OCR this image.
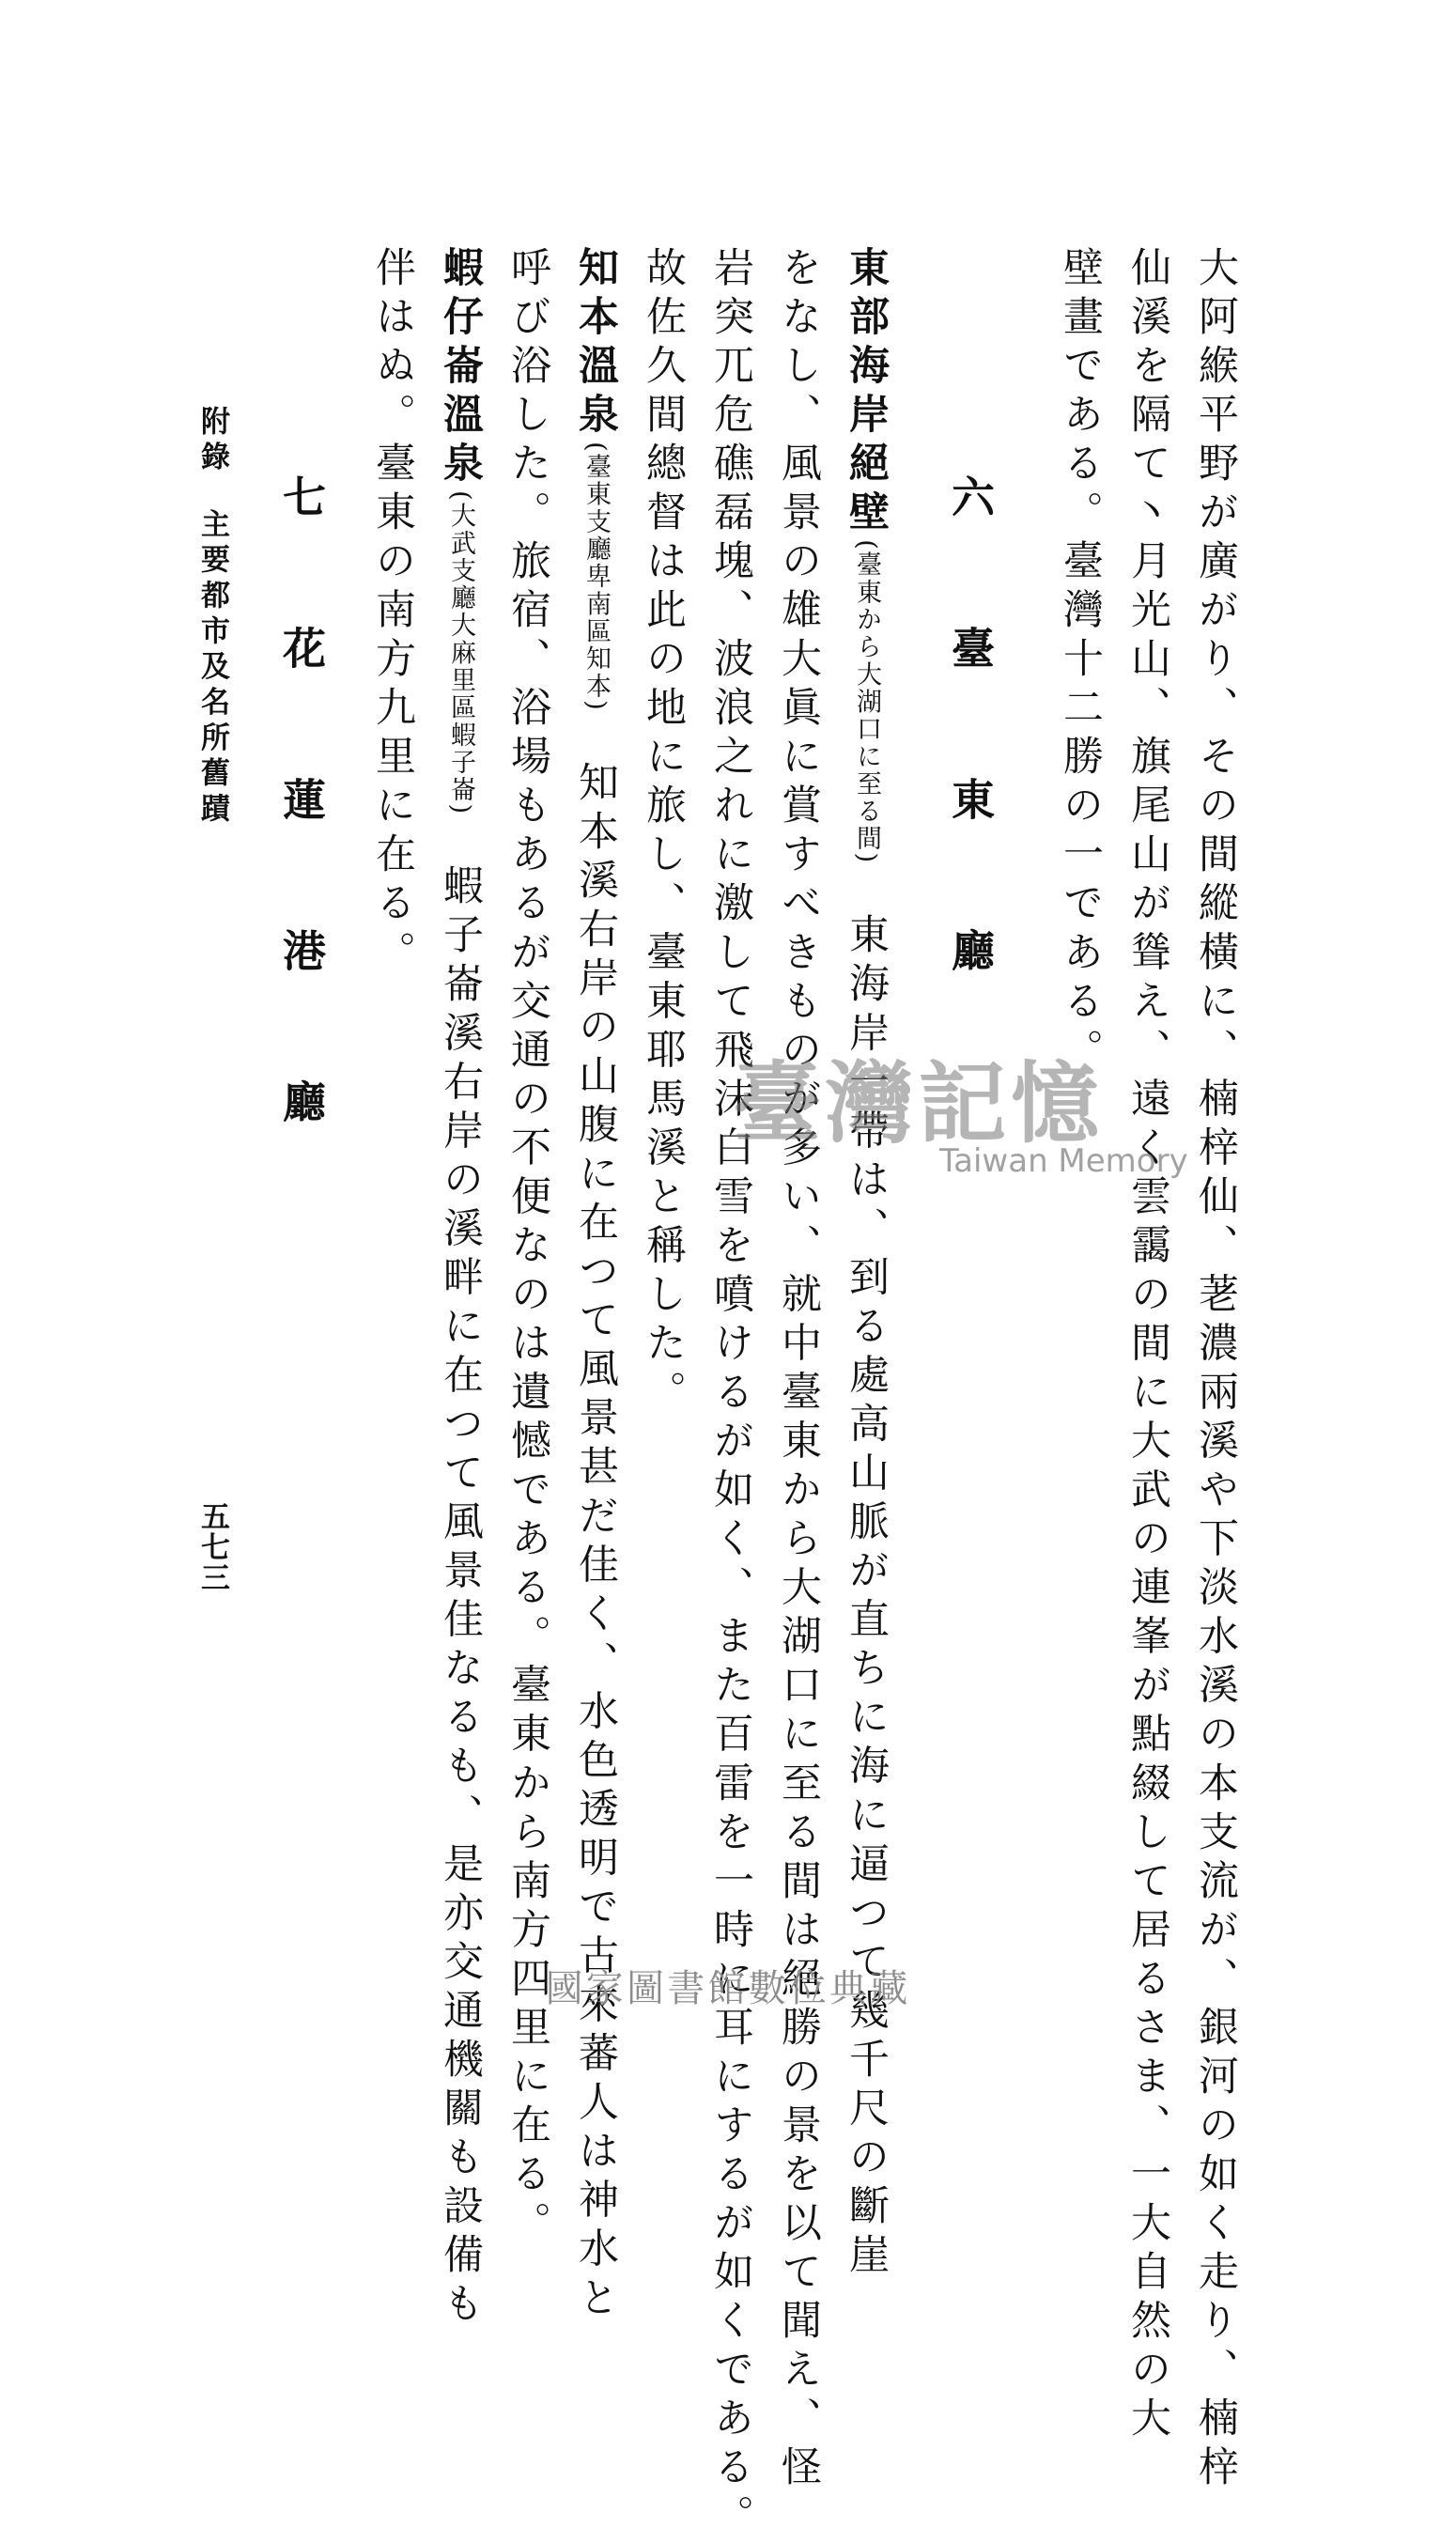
大阿緱平野が廣がり、その間縱橫に、楠梓仙、荖濃兩溪や下淡水溪の本支流が、銀河の如く走り、楠梓
仙溪を隔て丶月光山、旗尾山が聳え、遠く雲靄の間に大武の連峯が點綴して居るさま、一大自然の大
壁畫である。臺灣十二勝の一である。
六　臺　東　廳
東部海岸絕壁(臺東から大湖口に至る間)　東海岸一帶は、到る處高山脈が直ちに海に逼つて幾千尺の斷崖
をなし、風景の雄大眞に賞すべきものが多い、就中臺東から大湖口に至る間は絕勝の景を以て聞え、怪
岩突兀危礁磊塊、波浪之れに激して飛沫白雪を噴けるが如く、また百雷を一時に耳にするが如くである。
故佐久間總督は此の地に旅し、臺東耶馬溪と稱した。
知本溫泉(臺東支廳卑南區知本)　知本溪右岸の山腹に在つて風景甚だ佳く、水色透明で古來蕃人は神水と
呼び浴した。旅宿、浴場もあるが交通の不便なのは遺憾である。臺東から南方四里に在る。
蝦仔崙溫泉(大武支廳大麻里區蝦子崙)　蝦子崙溪右岸の溪畔に在つて風景佳なるも、是亦交通機關も設備も
伴はぬ。臺東の南方九里に在る。
七　花　蓮　港　廳
附錄主要都市及名所舊蹟
五七三
臺灣記憶
Taiwan Memory
國家圖書館數位典藏
